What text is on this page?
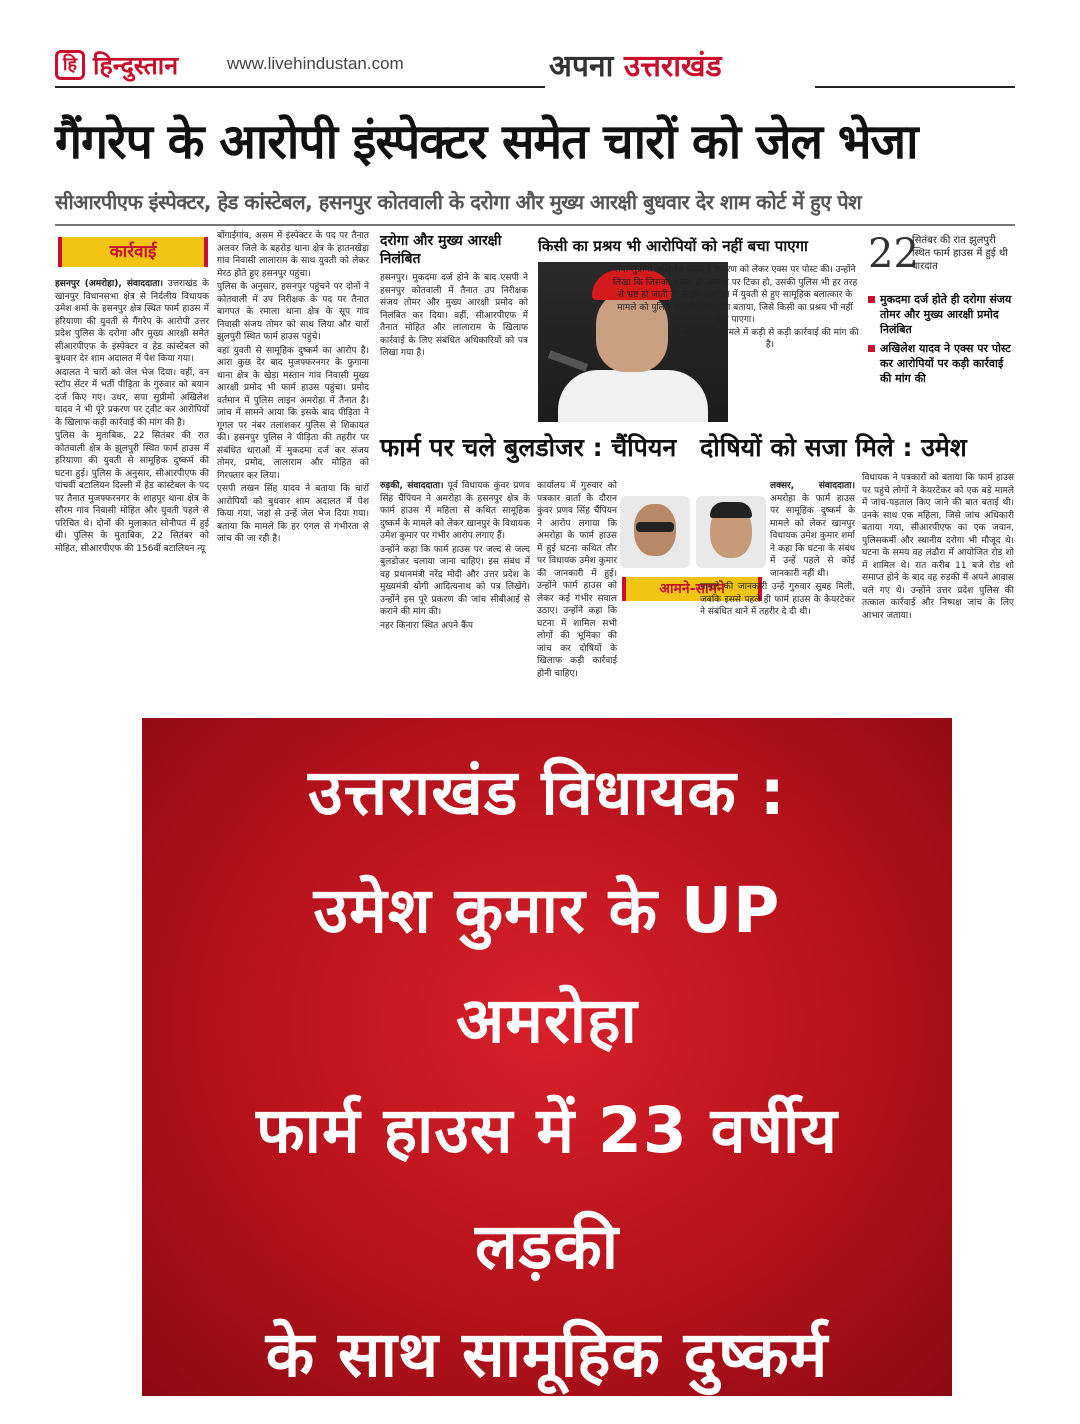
हि हिन्दुस्तान	www.livehindustan.com	अपना उत्तराखंड
गैंगरेप के आरोपी इंस्पेक्टर समेत चारों को जेल भेजा
सीआरपीएफ इंस्पेक्टर, हेड कांस्टेबल, हसनपुर कोतवाली के दरोगा और मुख्य आरक्षी बुधवार देर शाम कोर्ट में हुए पेश
कार्रवाई

हसनपुर (अमरोहा), संवाददाता। उत्तराखंड के खानपुर विधानसभा क्षेत्र से निर्दलीय विधायक उमेश शर्मा के हसनपुर क्षेत्र स्थित फार्म हाउस में हरियाणा की युवती से गैंगरेप के आरोपी उत्तर प्रदेश पुलिस के दरोगा और मुख्य आरक्षी समेत सीआरपीएफ के इंस्पेक्टर व हेड कांस्टेबल को बुधवार देर शाम अदालत में पेश किया गया।

अदालत ने चारों को जेल भेज दिया। वहीं, वन स्टॉप सेंटर में भर्ती पीड़िता के गुरुवार को बयान दर्ज किए गए। उधर, सपा सुप्रीमो अखिलेश यादव ने भी पूरे प्रकरण पर ट्वीट कर आरोपियों के खिलाफ कड़ी कार्रवाई की मांग की है।

पुलिस के मुताबिक, 22 सितंबर की रात कोतवाली क्षेत्र के झुलपुरी स्थित फार्म हाउस में हरियाणा की युवती से सामूहिक दुष्कर्म की घटना हुई। पुलिस के अनुसार, सीआरपीएफ की पांचवीं बटालियन दिल्ली में हेड कांस्टेबल के पद पर तैनात मुजफ्फरनगर के शाहपुर थाना क्षेत्र के सौरम गांव निवासी मोहित और युवती पहले से परिचित थे। दोनों की मुलाकात सोनीपत में हुई थी। पुलिस के मुताबिक, 22 सितंबर को मोहित, सीआरपीएफ की 156वीं बटालियन न्यू

बोंगाईगांव, असम में इंस्पेक्टर के पद पर तैनात अलवर जिले के बहरोड़ थाना क्षेत्र के हातनखेड़ा गांव निवासी लालाराम के साथ युवती को लेकर मेरठ होते हुए हसनपुर पहुंचा।

पुलिस के अनुसार, हसनपुर पहुंचने पर दोनों ने कोतवाली में उप निरीक्षक के पद पर तैनात बागपत के रमाला थाना क्षेत्र के सूप गांव निवासी संजय तोमर को साथ लिया और चारों झुलपुरी स्थित फार्म हाउस पहुंचे।

वहां युवती से सामूहिक दुष्कर्म का आरोप है। आरा कुछ देर बाद मुजफ्फरनगर के फुगाना थाना क्षेत्र के खेड़ा मस्तान गांव निवासी मुख्य आरक्षी प्रमोद भी फार्म हाउस पहुंचा। प्रमोद वर्तमान में पुलिस लाइन अमरोहा में तैनात है। जांच में सामने आया कि इसके बाद पीड़िता ने गूगल पर नंबर तलाशकर पुलिस से शिकायत की। हसनपुर पुलिस ने पीड़िता की तहरीर पर संबंधित धाराओं में मुकदमा दर्ज कर संजय तोमर, प्रमोद, लालाराम और मोहित को गिरफ्तार कर लिया।

एसपी लखन सिंह यादव ने बताया कि चारों आरोपियों को बुधवार शाम अदालत में पेश किया गया, जहां से उन्हें जेल भेज दिया गया। बताया कि मामले कि हर एंगल से गंभीरता से जांच की जा रही है।

दरोगा और मुख्य आरक्षी निलंबित
हसनपुर। मुकदमा दर्ज होने के बाद एसपी ने हसनपुर कोतवाली में तैनात उप निरीक्षक संजय तोमर और मुख्य आरक्षी प्रमोद को निलंबित कर दिया। वहीं, सीआरपीएफ में तैनात मोहित और लालाराम के खिलाफ कार्रवाई के लिए संबंधित अधिकारियों को पत्र लिखा गया है।
किसी का प्रश्रय भी आरोपियों को नहीं बचा पाएगा

सपा सुप्रीमो अखिलेश यादव ने प्रकरण को लेकर एक्स पर पोस्ट की। उन्होंने लिखा कि जिसका शासन ही अपराध पर टिका हो, उसकी पुलिस भी हर तरह से भ्रष्ट हो जाती है। उन्होंने अमरोहा में युवती से हुए सामूहिक बलात्कार के मामले को पुलिस पर लगा ऐसा दाग बताया, जिसे किसी का प्रश्रय भी नहीं बचा पाएगा।

अखिलेश ने मामले में कड़ी से कड़ी कार्रवाई की मांग की है।

22
सितंबर की रात झुलपुरी स्थित फार्म हाउस में हुई थी वारदात
मुकदमा दर्ज होते ही दरोगा संजय तोमर और मुख्य आरक्षी प्रमोद निलंबित
अखिलेश यादव ने एक्स पर पोस्ट कर आरोपियों पर कड़ी कार्रवाई की मांग की
फार्म पर चले बुलडोजर : चैंपियन दोषियों को सजा मिले : उमेश

रुड़की, संवाददाता। पूर्व विधायक कुंवर प्रणव सिंह चैंपियन ने अमरोहा के हसनपुर क्षेत्र के फार्म हाउस में महिला से कथित सामूहिक दुष्कर्म के मामले को लेकर खानपुर के विधायक उमेश कुमार पर गंभीर आरोप लगाए हैं।

उन्होंने कहा कि फार्म हाउस पर जल्द से जल्द बुलडोजर चलाया जाना चाहिए। इस संबंध में वह प्रधानमंत्री नरेंद्र मोदी और उत्तर प्रदेश के मुख्यमंत्री योगी आदित्यनाथ को पत्र लिखेंगे। उन्होंने इस पूरे प्रकरण की जांच सीबीआई से कराने की मांग की।

नहर किनारा स्थित अपने कैंप

कार्यालय में गुरुवार को पत्रकार वार्ता के दौरान कुंवर प्रणव सिंह चैंपियन ने आरोप लगाया कि अमरोहा के फार्म हाउस में हुई घटना कथित तौर पर विधायक उमेश कुमार की जानकारी में हुई। उन्होंने फार्म हाउस को लेकर कई गंभीर सवाल उठाए। उन्होंने कहा कि घटना में शामिल सभी लोगों की भूमिका की जांच कर दोषियों के खिलाफ कड़ी कार्रवाई होनी चाहिए।

आमने-सामने

लक्सर, संवाददाता। अमरोहा के फार्म हाउस पर सामूहिक दुष्कर्म के मामले को लेकर खानपुर विधायक उमेश कुमार शर्मा ने कहा कि घटना के संबंध में उन्हें पहले से कोई जानकारी नहीं थी।

मामले की जानकारी उन्हें गुरुवार सुबह मिली, जबकि इससे पहले ही फार्म हाउस के केयरटेकर ने संबंधित थाने में तहरीर दे दी थी।

विधायक ने पत्रकारों को बताया कि फार्म हाउस पर पहुंचे लोगों ने केयरटेकर को एक बड़े मामले में जांच-पड़ताल किए जाने की बात बताई थी। उनके साथ एक महिला, जिसे जांच अधिकारी बताया गया, सीआरपीएफ का एक जवान, पुलिसकर्मी और स्थानीय दरोगा भी मौजूद थे। घटना के समय वह लंढौरा में आयोजित रोड शो में शामिल थे। रात करीब 11 बजे रोड शो समाप्त होने के बाद वह रुड़की में अपने आवास चले गए थे। उन्होंने उत्तर प्रदेश पुलिस की तत्काल कार्रवाई और निष्पक्ष जांच के लिए आभार जताया।

उत्तराखंड विधायक :
उमेश कुमार के UP
अमरोहा
फार्म हाउस में 23 वर्षीय
लड़की
के साथ सामूहिक दुष्कर्म
